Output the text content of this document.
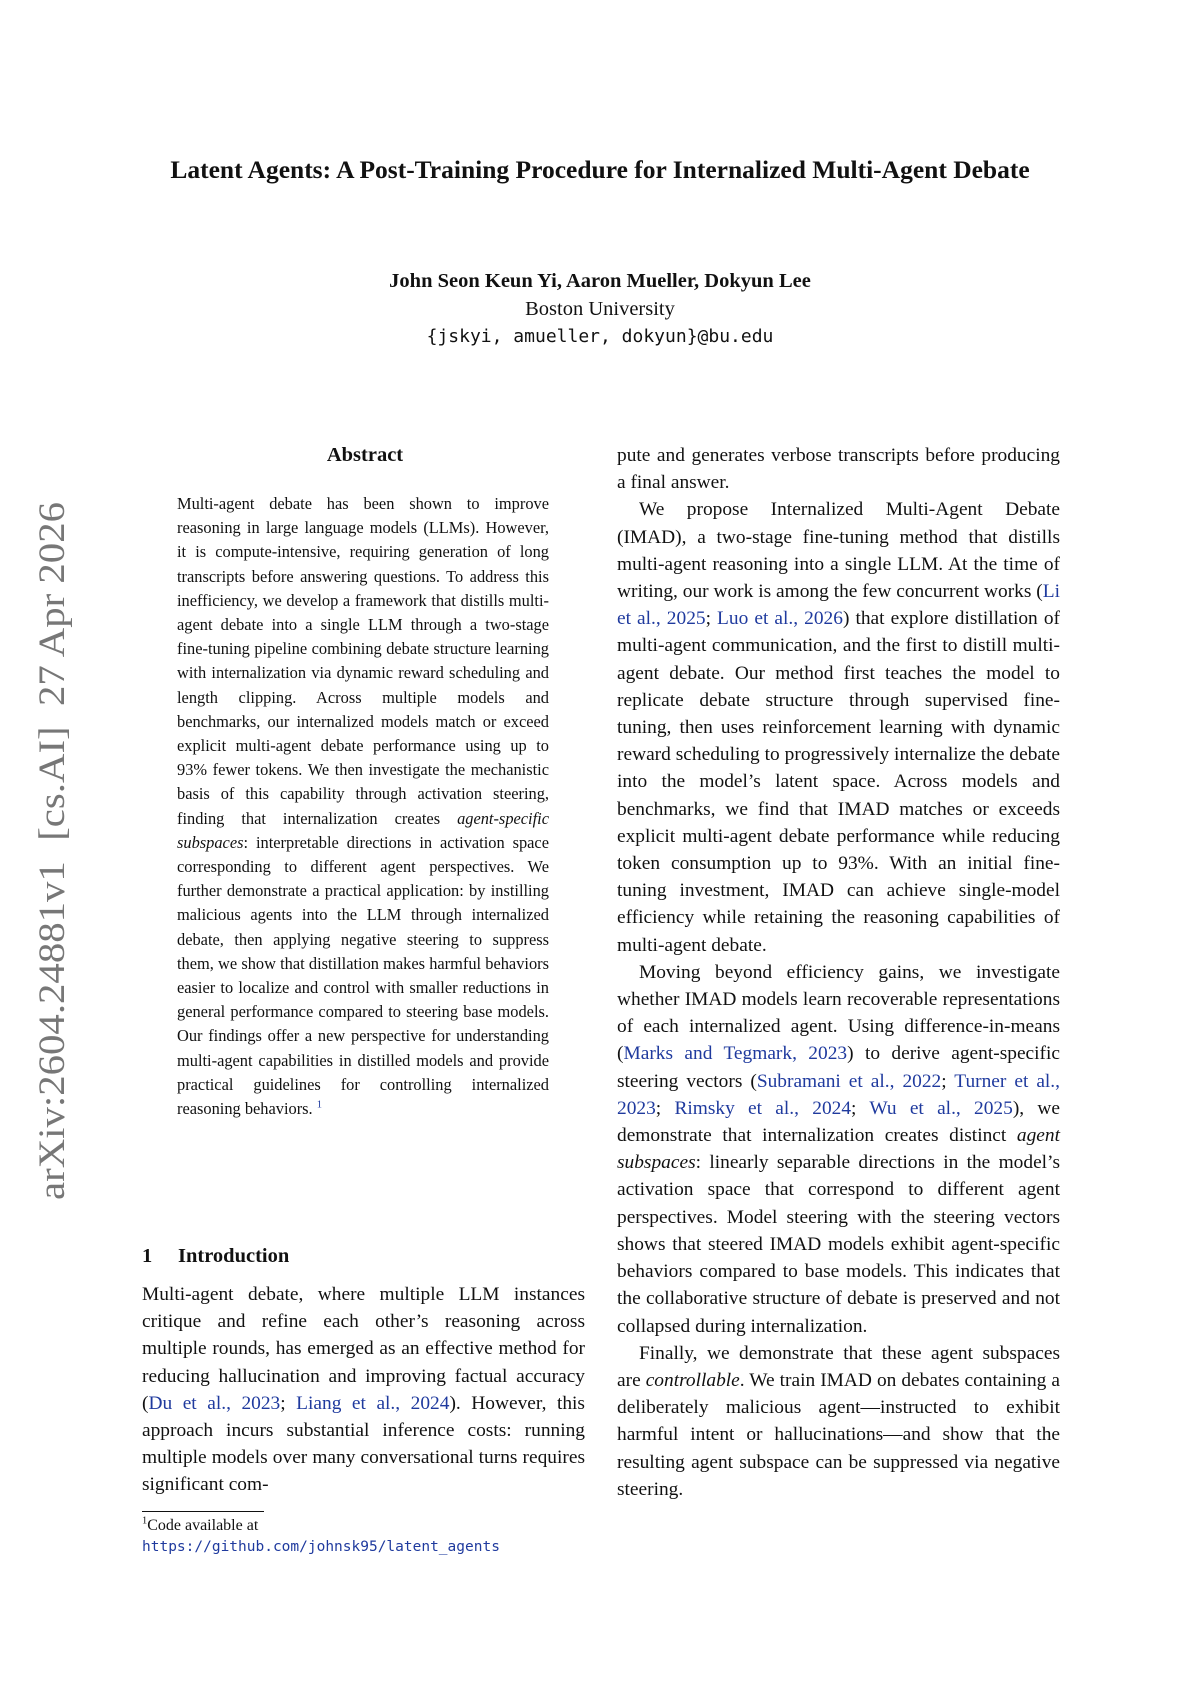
Latent Agents: A Post-Training Procedure for Internalized Multi-Agent Debate
John Seon Keun Yi, Aaron Mueller, Dokyun Lee
Boston University
{jskyi, amueller, dokyun}@bu.edu
arXiv:2604.24881v1  [cs.AI]  27 Apr 2026
Abstract
Multi-agent debate has been shown to improve reasoning in large language models (LLMs). However, it is compute-intensive, requiring generation of long transcripts before answering questions. To address this inefficiency, we develop a framework that distills multi-agent debate into a single LLM through a two-stage fine-tuning pipeline combining debate structure learning with internalization via dynamic reward scheduling and length clipping. Across multiple models and benchmarks, our internalized models match or exceed explicit multi-agent debate performance using up to 93% fewer tokens. We then investigate the mechanistic basis of this capability through activation steering, finding that internalization creates agent-specific subspaces: interpretable directions in activation space corresponding to different agent perspectives. We further demonstrate a practical application: by instilling malicious agents into the LLM through internalized debate, then applying negative steering to suppress them, we show that distillation makes harmful behaviors easier to localize and control with smaller reductions in general performance compared to steering base models. Our findings offer a new perspective for understanding multi-agent capabilities in distilled models and provide practical guidelines for controlling internalized reasoning behaviors. $^1$
1 Introduction
Multi-agent debate, where multiple LLM instances critique and refine each other’s reasoning across multiple rounds, has emerged as an effective method for reducing hallucination and improving factual accuracy (Du et al., 2023; Liang et al., 2024). However, this approach incurs substantial inference costs: running multiple models over many conversational turns requires significant com-

pute and generates verbose transcripts before producing a final answer.

We propose Internalized Multi-Agent Debate (IMAD), a two-stage fine-tuning method that distills multi-agent reasoning into a single LLM. At the time of writing, our work is among the few concurrent works (Li et al., 2025; Luo et al., 2026) that explore distillation of multi-agent communication, and the first to distill multi-agent debate. Our method first teaches the model to replicate debate structure through supervised fine-tuning, then uses reinforcement learning with dynamic reward scheduling to progressively internalize the debate into the model’s latent space. Across models and benchmarks, we find that IMAD matches or exceeds explicit multi-agent debate performance while reducing token consumption up to 93%. With an initial fine-tuning investment, IMAD can achieve single-model efficiency while retaining the reasoning capabilities of multi-agent debate.

Moving beyond efficiency gains, we investigate whether IMAD models learn recoverable representations of each internalized agent. Using difference-in-means (Marks and Tegmark, 2023) to derive agent-specific steering vectors (Subramani et al., 2022; Turner et al., 2023; Rimsky et al., 2024; Wu et al., 2025), we demonstrate that internalization creates distinct agent subspaces: linearly separable directions in the model’s activation space that correspond to different agent perspectives. Model steering with the steering vectors shows that steered IMAD models exhibit agent-specific behaviors compared to base models. This indicates that the collaborative structure of debate is preserved and not collapsed during internalization.

Finally, we demonstrate that these agent subspaces are controllable. We train IMAD on debates containing a deliberately malicious agent—instructed to exhibit harmful intent or hallucinations—and show that the resulting agent subspace can be suppressed via negative steering.

$^1$Code available at https://github.com/johnsk95/latent_agents
